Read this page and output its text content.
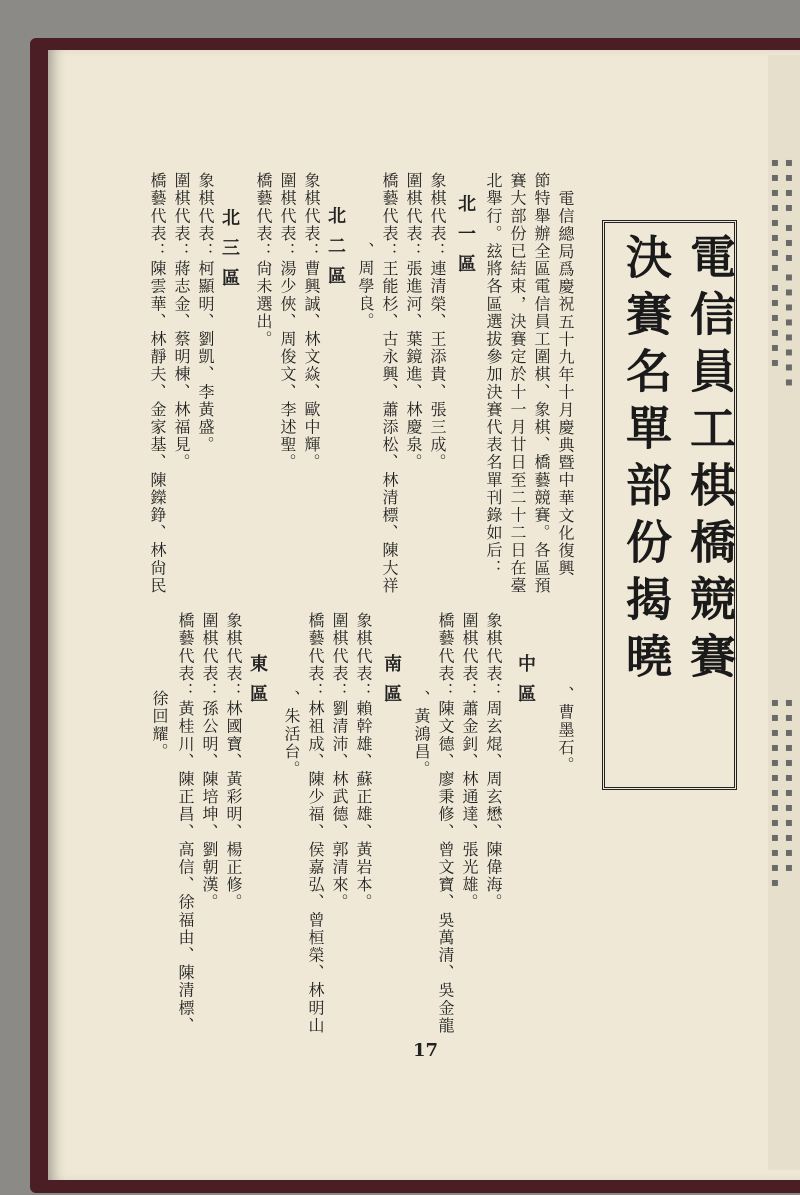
▪▪▪▪ ▪▪▪ ▪▪▪▪▪▪▪▪
▪▪▪▪▪▪▪▪ ▪▪▪▪▪▪
▪▪▪▪▪▪▪▪▪▪▪▪
▪▪▪▪▪▪▪▪▪▪▪▪▪
電信員工棋橋競賽
決賽名單部份揭曉
電信總局爲慶祝五十九年十月慶典暨中華文化復興
節特舉辦全區電信員工圍棋、象棋、橋藝競賽。各區預
賽大部份已結束，決賽定於十一月廿日至二十二日在臺
北舉行。玆將各區選拔參加決賽代表名單刊錄如后：
北一區
象棋代表：連清榮、王添貴、張三成。
圍棋代表：張進河、葉鏡進、林慶泉。
橋藝代表：王能杉、古永興、蕭添松、林清標、陳大祥
、周學良。
北二區
象棋代表：曹興誠、林文焱、歐中輝。
圍棋代表：湯少俠、周俊文、李述聖。
橋藝代表：尙未選出。
北三區
象棋代表：柯顯明、劉凱、李黃盛。
圍棋代表：蔣志金、蔡明棟、林福見。
橋藝代表：陳雲華、林靜夫、金家基、陳鑅錚、林尙民
、曹墨石。
中區
象棋代表：周玄焜、周玄懋、陳偉海。
圍棋代表：蕭金釗、林通達、張光雄。
橋藝代表：陳文德、廖秉修、曾文寶、吳萬清、吳金龍
、黃鴻昌。
南區
象棋代表：賴幹雄、蘇正雄、黃岩本。
圍棋代表：劉清沛、林武德、郭清來。
橋藝代表：林祖成、陳少福、侯嘉弘、曾桓榮、林明山
、朱活台。
東區
象棋代表：林國寶、黃彩明、楊正修。
圍棋代表：孫公明、陳培坤、劉朝漢。
橋藝代表：黃桂川、陳正昌、高信、徐福由、陳清標、
徐回耀。
17
